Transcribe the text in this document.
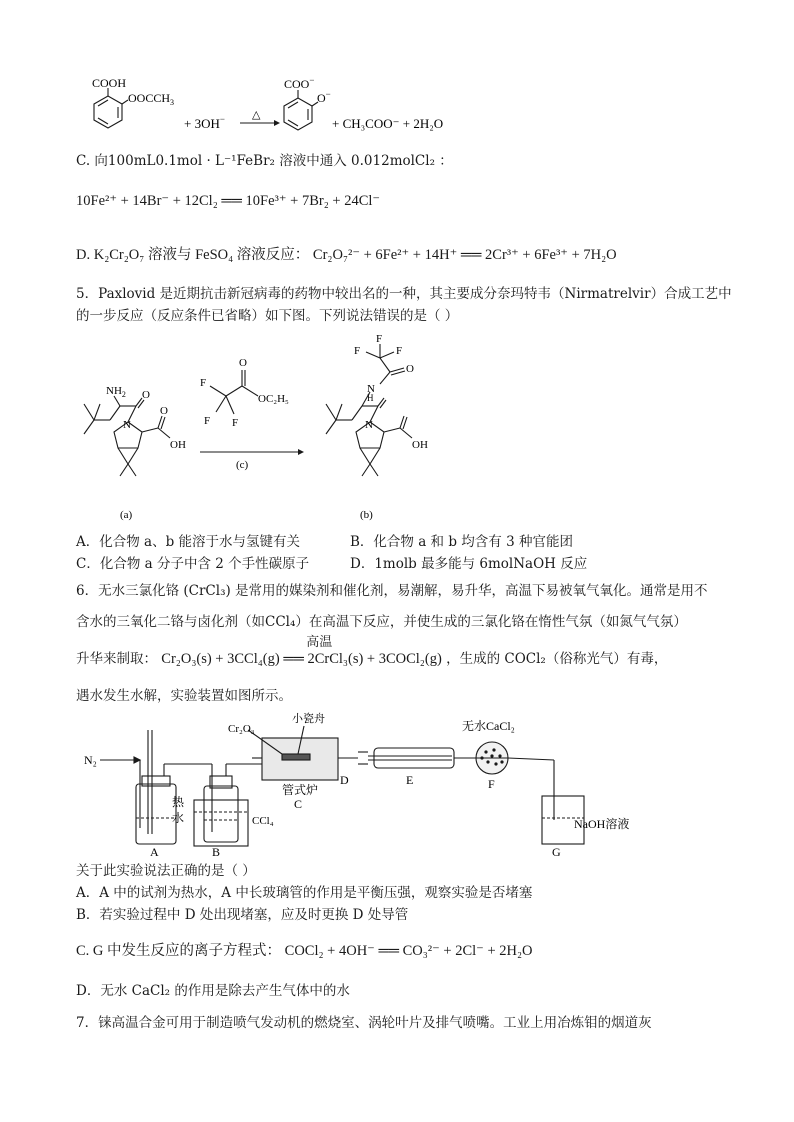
COOH
$OOCCH_3$
+ 3OH− △
COO−
O−
+ CH₃COO⁻ + 2H₂O
C. 向100mL0.1mol · L⁻¹FeBr₂ 溶液中通入 0.012molCl₂ ：
10Fe²⁺ + 14Br⁻ + 12Cl₂ ══ 10Fe³⁺ + 7Br₂ + 24Cl⁻
D. K₂Cr₂O₇ 溶液与 FeSO₄ 溶液反应： Cr₂O₇²⁻ + 6Fe²⁺ + 14H⁺ ══ 2Cr³⁺ + 6Fe³⁺ + 7H₂O
5．Paxlovid 是近期抗击新冠病毒的药物中较出名的一种，其主要成分奈玛特韦（Nirmatrelvir）合成工艺中
的一步反应（反应条件已省略）如下图。下列说法错误的是（ ）
$NH_2$ O
N
O
OH
(a)
F
F F
O
OC₂H₅
(c)
F
F	F
O
N H
N
OH
(b)
A．化合物 a、b 能溶于水与氢键有关	B．化合物 a 和 b 均含有 3 种官能团
C．化合物 a 分子中含 2 个手性碳原子	D．1molb 最多能与 6molNaOH 反应
6．无水三氯化铬 (CrCl₃) 是常用的媒染剂和催化剂，易潮解，易升华，高温下易被氧气氧化。通常是用不
含水的三氧化二铬与卤化剂（如CCl₄）在高温下反应，并使生成的三氯化铬在惰性气氛（如氮气气氛）
升华来制取：
高温
Cr₂O₃(s) + 3CCl₄(g) ══ 2CrCl₃(s) + 3COCl₂(g) ，生成的 COCl₂（俗称光气）有毒，
遇水发生水解，实验装置如图所示。
N₂
Cr₂O₃
小瓷舟
管式炉
热
水	CCl₄
无水CaCl₂
NaOH溶液
A	B
C
D	E	F
G
关于此实验说法正确的是（ ）
A．A 中的试剂为热水，A 中长玻璃管的作用是平衡压强，观察实验是否堵塞
B．若实验过程中 D 处出现堵塞，应及时更换 D 处导管
C. G 中发生反应的离子方程式： COCl₂ + 4OH⁻ ══ CO₃²⁻ + 2Cl⁻ + 2H₂O
D．无水 CaCl₂ 的作用是除去产生气体中的水
7．铼高温合金可用于制造喷气发动机的燃烧室、涡轮叶片及排气喷嘴。工业上用冶炼钼的烟道灰
